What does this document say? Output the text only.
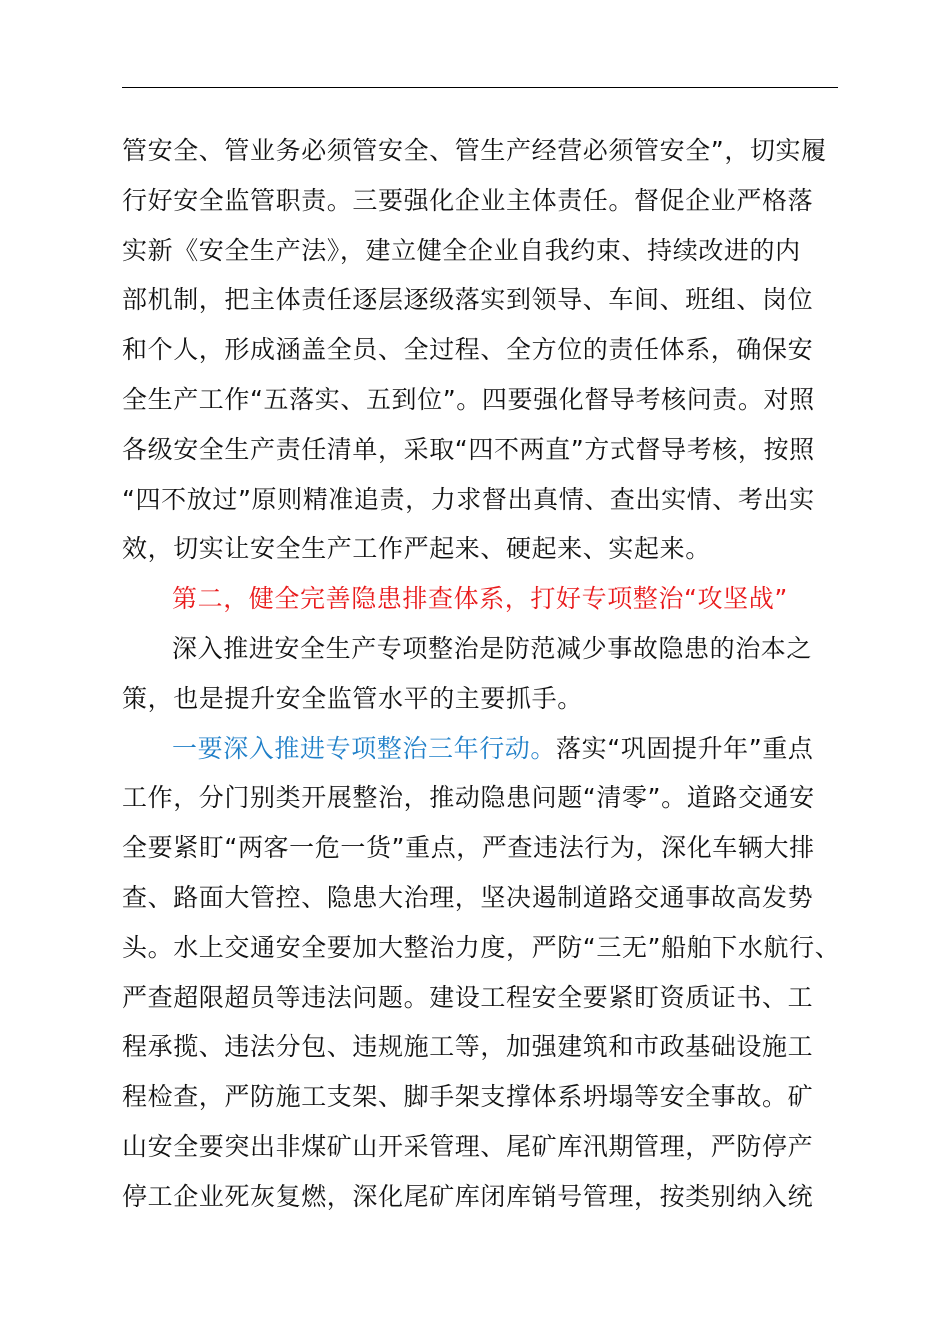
管安全、管业务必须管安全、管生产经营必须管安全”，切实履
行好安全监管职责。三要强化企业主体责任。督促企业严格落
实新《安全生产法》，建立健全企业自我约束、持续改进的内
部机制，把主体责任逐层逐级落实到领导、车间、班组、岗位
和个人，形成涵盖全员、全过程、全方位的责任体系，确保安
全生产工作“五落实、五到位”。四要强化督导考核问责。对照
各级安全生产责任清单，采取“四不两直”方式督导考核，按照
“四不放过”原则精准追责，力求督出真情、查出实情、考出实
效，切实让安全生产工作严起来、硬起来、实起来。
第二，健全完善隐患排查体系，打好专项整治“攻坚战”
深入推进安全生产专项整治是防范减少事故隐患的治本之
策，也是提升安全监管水平的主要抓手。
一要深入推进专项整治三年行动。落实“巩固提升年”重点
工作，分门别类开展整治，推动隐患问题“清零”。道路交通安
全要紧盯“两客一危一货”重点，严查违法行为，深化车辆大排
查、路面大管控、隐患大治理，坚决遏制道路交通事故高发势
头。水上交通安全要加大整治力度，严防“三无”船舶下水航行、
严查超限超员等违法问题。建设工程安全要紧盯资质证书、工
程承揽、违法分包、违规施工等，加强建筑和市政基础设施工
程检查，严防施工支架、脚手架支撑体系坍塌等安全事故。矿
山安全要突出非煤矿山开采管理、尾矿库汛期管理，严防停产
停工企业死灰复燃，深化尾矿库闭库销号管理，按类别纳入统
